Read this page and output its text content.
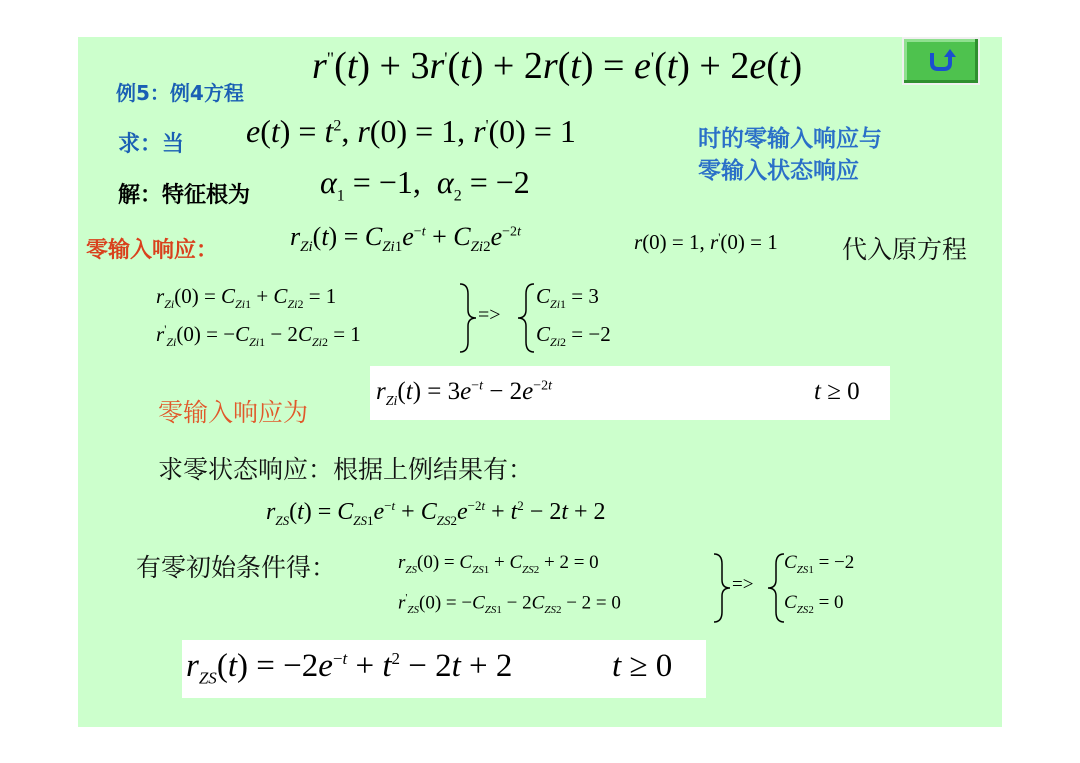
例5：例4方程
r"(t) + 3r'(t) + 2r(t) = e'(t) + 2e(t)
求：当 $e(t) = t^2$, r(0) = 1, r'(0) = 1	时的零输入响应与
零输入状态响应
解：特征根为 $\alpha_1 = -1$,  $\alpha_2 = -2$
零输入响应：	$r_{Zi}(t) = C_{Zi1}e^{-t} + C_{Zi2}e^{-2t}$	r(0) = 1, r'(0) = 1	代入原方程
$r_{Zi}(0) = C_{Zi1} + C_{Zi2} = 1$
$r'_{Zi}(0) = -C_{Zi1} - 2C_{Zi2} = 1$
=>
$C_{Zi1} = 3$
$C_{Zi2} = -2$
零输入响应为
$r_{Zi}(t) = 3e^{-t} - 2e^{-2t}$	t ≥ 0
求零状态响应：根据上例结果有：
$r_{ZS}(t) = C_{ZS1}e^{-t} + C_{ZS2}e^{-2t} + t^2 - 2t + 2$
有零初始条件得：	$r_{ZS}(0) = C_{ZS1} + C_{ZS2} + 2 = 0$
$r'_{ZS}(0) = -C_{ZS1} - 2C_{ZS2} - 2 = 0$
=>
$C_{ZS1} = -2$
$C_{ZS2} = 0$
$r_{ZS}(t) = -2e^{-t} + t^2 - 2t + 2$	t ≥ 0
